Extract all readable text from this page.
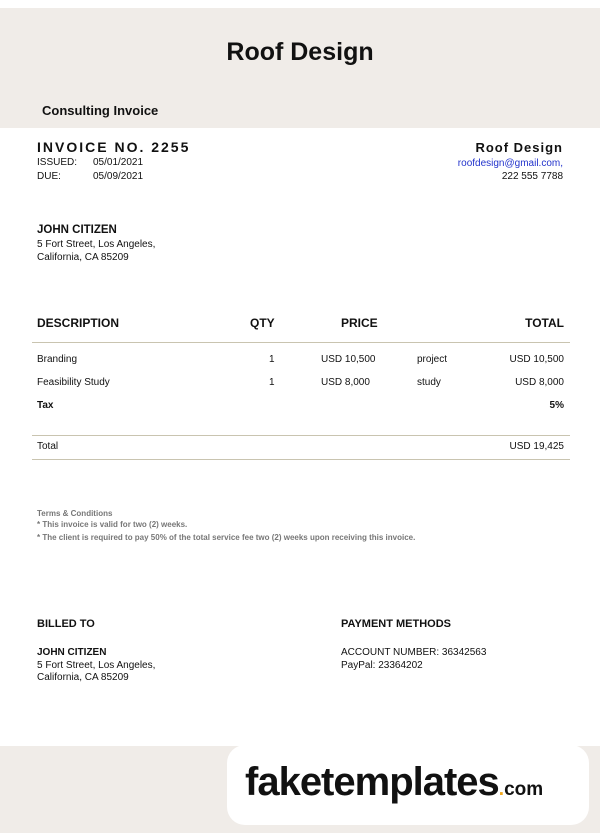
Roof Design
Consulting Invoice
INVOICE NO. 2255
ISSUED: 05/01/2021
DUE:	05/09/2021
Roof Design
roofdesign@gmail.com,
222 555 7788
JOHN CITIZEN
5 Fort Street, Los Angeles,
California, CA 85209
DESCRIPTION	QTY	PRICE	TOTAL
Branding	1	USD 10,500	project	USD 10,500
Feasibility Study	1	USD 8,000	study	USD 8,000
Tax	5%
Total	USD 19,425
Terms & Conditions
* This invoice is valid for two (2) weeks.
* The client is required to pay 50% of the total service fee two (2) weeks upon receiving this invoice.
BILLED TO
JOHN CITIZEN
5 Fort Street, Los Angeles,
California, CA 85209
PAYMENT METHODS
ACCOUNT NUMBER: 36342563
PayPal: 23364202
faketemplates.com
